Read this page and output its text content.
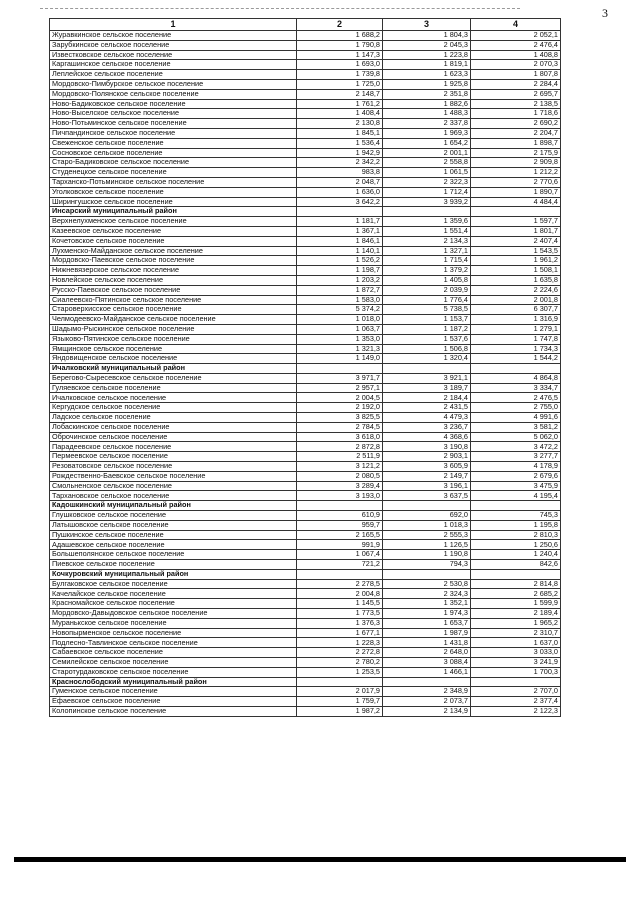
3
1	2	3	4
Журавкинское сельское поселение	1 688,2	1 804,3	2 052,1
Зарубкинское сельское поселение	1 790,8	2 045,3	2 476,4
Известковское сельское поселение	1 147,3	1 223,8	1 408,8
Каргашинское сельское поселение	1 693,0	1 819,1	2 070,3
Леплейское сельское поселение	1 739,8	1 623,3	1 807,8
Мордовско-Пимбурское сельское поселение	1 725,0	1 925,8	2 284,4
Мордовско-Полянское сельское поселение	2 148,7	2 351,8	2 695,7
Ново-Бадиковское сельское поселение	1 761,2	1 882,6	2 138,5
Ново-Выселское сельское поселение	1 408,4	1 488,3	1 718,6
Ново-Потьминское сельское поселение	2 130,8	2 337,8	2 690,2
Пичпандинское сельское поселение	1 845,1	1 969,3	2 204,7
Свеженское сельское поселение	1 536,4	1 654,2	1 898,7
Сосновское сельское поселение	1 942,9	2 001,1	2 175,9
Старо-Бадиковское сельское поселение	2 342,2	2 558,8	2 909,8
Студенецкое сельское поселение	983,8	1 061,5	1 212,2
Тарханско-Потьминское сельское поселение	2 048,7	2 322,3	2 770,6
Уголковское сельское поселение	1 636,0	1 712,4	1 890,7
Ширингушское сельское поселение	3 642,2	3 939,2	4 484,4
Инсарский муниципальный район			
Верхнелухменское сельское поселение	1 181,7	1 359,6	1 597,7
Казеевское сельское поселение	1 367,1	1 551,4	1 801,7
Кочетовское сельское поселение	1 846,1	2 134,3	2 407,4
Лухменско-Майданское сельское поселение	1 140,1	1 327,1	1 543,5
Мордовско-Паевское сельское поселение	1 526,2	1 715,4	1 961,2
Нижневязерское сельское поселение	1 198,7	1 379,2	1 508,1
Новлейское сельское поселение	1 203,2	1 405,8	1 635,8
Русско-Паевское сельское поселение	1 872,7	2 039,9	2 224,6
Сиалеевско-Пятинское сельское поселение	1 583,0	1 776,4	2 001,8
Староверхисское сельское поселение	5 374,2	5 738,5	6 307,7
Челмодеевско-Майданское сельское поселение	1 018,0	1 153,7	1 316,9
Шадымо-Рыскинское сельское поселение	1 063,7	1 187,2	1 279,1
Языково-Пятинское сельское поселение	1 353,0	1 537,6	1 747,8
Ямщинское сельское поселение	1 321,3	1 506,8	1 734,3
Яндовищенское сельское поселение	1 149,0	1 320,4	1 544,2
Ичалковский муниципальный район			
Берегово-Сыресевское сельское поселение	3 971,7	3 921,1	4 864,8
Гуляевское сельское поселение	2 957,1	3 189,7	3 334,7
Ичалковское сельское поселение	2 004,5	2 184,4	2 476,5
Кергудское сельское поселение	2 192,0	2 431,5	2 755,0
Ладское сельское поселение	3 825,5	4 479,3	4 991,6
Лобаскинское сельское поселение	2 784,5	3 236,7	3 581,2
Оброчинское сельское поселение	3 618,0	4 368,6	5 062,0
Парадеевское сельское поселение	2 872,8	3 190,8	3 472,2
Пермеевское сельское поселение	2 511,9	2 903,1	3 277,7
Резоватовское сельское поселение	3 121,2	3 605,9	4 178,9
Рождественно-Баевское сельское поселение	2 080,5	2 149,7	2 679,6
Смольненское сельское поселение	3 289,4	3 196,1	3 475,9
Тархановское сельское поселение	3 193,0	3 637,5	4 195,4
Кадошкинский муниципальный район			
Глушковское сельское поселение	610,9	692,0	745,3
Латышовское сельское поселение	959,7	1 018,3	1 195,8
Пушкинское сельское поселение	2 165,5	2 555,3	2 810,3
Адашевское сельское поселение	991,9	1 126,5	1 250,6
Большеполянское сельское поселение	1 067,4	1 190,8	1 240,4
Пиевское сельское поселение	721,2	794,3	842,6
Кочкуровский муниципальный район			
Булгаковское сельское поселение	2 278,5	2 530,8	2 814,8
Качелайское сельское поселение	2 004,8	2 324,3	2 685,2
Красномайское сельское поселение	1 145,5	1 352,1	1 599,9
Мордовско-Давыдовское сельское поселение	1 773,5	1 974,3	2 189,4
Муранькское сельское поселение	1 376,3	1 653,7	1 965,2
Новопырменское сельское поселение	1 677,1	1 987,9	2 310,7
Подлесно-Тавлинское сельское поселение	1 228,3	1 431,8	1 637,0
Сабаевское сельское поселение	2 272,8	2 648,0	3 033,0
Семилейское сельское поселение	2 780,2	3 088,4	3 241,9
Старотурдаковское сельское поселение	1 253,5	1 466,1	1 700,3
Краснослободский муниципальный район			
Гуменское сельское поселение	2 017,9	2 348,9	2 707,0
Ефаевское сельское поселение	1 759,7	2 073,7	2 377,4
Колопинское сельское поселение	1 987,2	2 134,9	2 122,3
